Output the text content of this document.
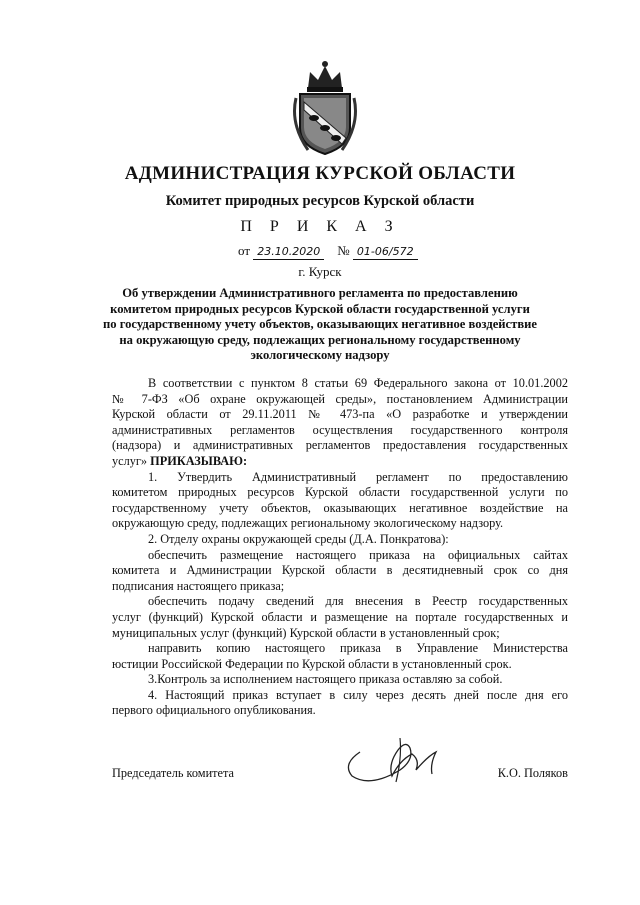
АДМИНИСТРАЦИЯ КУРСКОЙ ОБЛАСТИ
Комитет природных ресурсов Курской области
П Р И К А З
от 23.10.2020 № 01-06/572
г. Курск
Об утверждении Административного регламента по предоставлению
комитетом природных ресурсов Курской области государственной услуги
по государственному учету объектов, оказывающих негативное воздействие
на окружающую среду, подлежащих региональному государственному
экологическому надзору
В соответствии с пунктом 8 статьи 69 Федерального закона от 10.01.2002
№ 7-ФЗ «Об охране окружающей среды», постановлением Администрации
Курской области от 29.11.2011 № 473-па «О разработке и утверждении
административных регламентов осуществления государственного контроля
(надзора) и административных регламентов предоставления государственных
услуг» ПРИКАЗЫВАЮ:
1. Утвердить Административный регламент по предоставлению
комитетом природных ресурсов Курской области государственной услуги по
государственному учету объектов, оказывающих негативное воздействие на
окружающую среду, подлежащих региональному экологическому надзору.
2. Отделу охраны окружающей среды (Д.А. Понкратова):
обеспечить размещение настоящего приказа на официальных сайтах
комитета и Администрации Курской области в десятидневный срок со дня
подписания настоящего приказа;
обеспечить подачу сведений для внесения в Реестр государственных
услуг (функций) Курской области и размещение на портале государственных и
муниципальных услуг (функций) Курской области в установленный срок;
направить копию настоящего приказа в Управление Министерства
юстиции Российской Федерации по Курской области в установленный срок.
3.Контроль за исполнением настоящего приказа оставляю за собой.
4. Настоящий приказ вступает в силу через десять дней после дня его
первого официального опубликования.
Председатель комитета	К.О. Поляков
